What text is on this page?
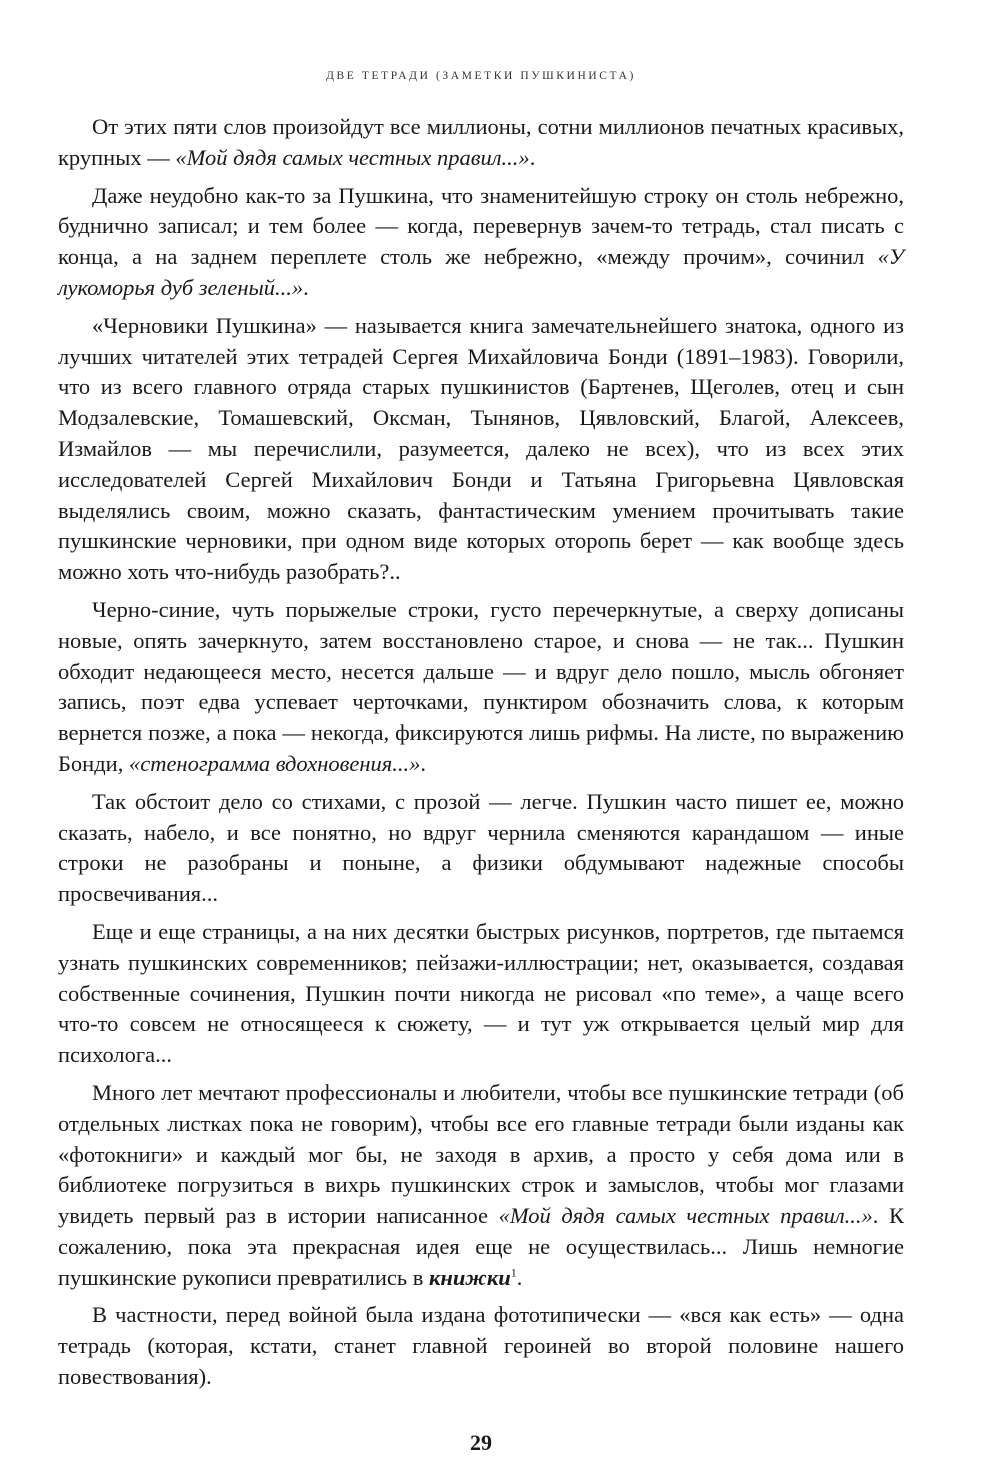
ДВЕ ТЕТРАДИ (ЗАМЕТКИ ПУШКИНИСТА)

От этих пяти слов произойдут все миллионы, сотни миллионов печатных красивых, крупных — «Мой дядя самых честных правил...».

Даже неудобно как-то за Пушкина, что знаменитейшую строку он столь небрежно, буднично записал; и тем более — когда, перевернув зачем-то тетрадь, стал писать с конца, а на заднем переплете столь же небрежно, «между прочим», сочинил «У лукоморья дуб зеленый...».

«Черновики Пушкина» — называется книга замечательнейшего знатока, одного из лучших читателей этих тетрадей Сергея Михайловича Бонди (1891–1983). Говорили, что из всего главного отряда старых пушкинистов (Бартенев, Щеголев, отец и сын Модзалевские, Томашевский, Оксман, Тынянов, Цявловский, Благой, Алексеев, Измайлов — мы перечислили, разумеется, далеко не всех), что из всех этих исследователей Сергей Михайлович Бонди и Татьяна Григорьевна Цявловская выделялись своим, можно сказать, фантастическим умением прочитывать такие пушкинские черновики, при одном виде которых оторопь берет — как вообще здесь можно хоть что-нибудь разобрать?..

Черно-синие, чуть порыжелые строки, густо перечеркнутые, а сверху дописаны новые, опять зачеркнуто, затем восстановлено старое, и снова — не так... Пушкин обходит недающееся место, несется дальше — и вдруг дело пошло, мысль обгоняет запись, поэт едва успевает черточками, пунктиром обозначить слова, к которым вернется позже, а пока — некогда, фиксируются лишь рифмы. На листе, по выражению Бонди, «стенограмма вдохновения...».

Так обстоит дело со стихами, с прозой — легче. Пушкин часто пишет ее, можно сказать, набело, и все понятно, но вдруг чернила сменяются карандашом — иные строки не разобраны и поныне, а физики обдумывают надежные способы просвечивания...

Еще и еще страницы, а на них десятки быстрых рисунков, портретов, где пытаемся узнать пушкинских современников; пейзажи-иллюстрации; нет, оказывается, создавая собственные сочинения, Пушкин почти никогда не рисовал «по теме», а чаще всего что-то совсем не относящееся к сюжету, — и тут уж открывается целый мир для психолога...

Много лет мечтают профессионалы и любители, чтобы все пушкинские тетради (об отдельных листках пока не говорим), чтобы все его главные тетради были изданы как «фотокниги» и каждый мог бы, не заходя в архив, а просто у себя дома или в библиотеке погрузиться в вихрь пушкинских строк и замыслов, чтобы мог глазами увидеть первый раз в истории написанное «Мой дядя самых честных правил...». К сожалению, пока эта прекрасная идея еще не осуществилась... Лишь немногие пушкинские рукописи превратились в книжки$^1$.

В частности, перед войной была издана фототипически — «вся как есть» — одна тетрадь (которая, кстати, станет главной героиней во второй половине нашего повествования).

29
